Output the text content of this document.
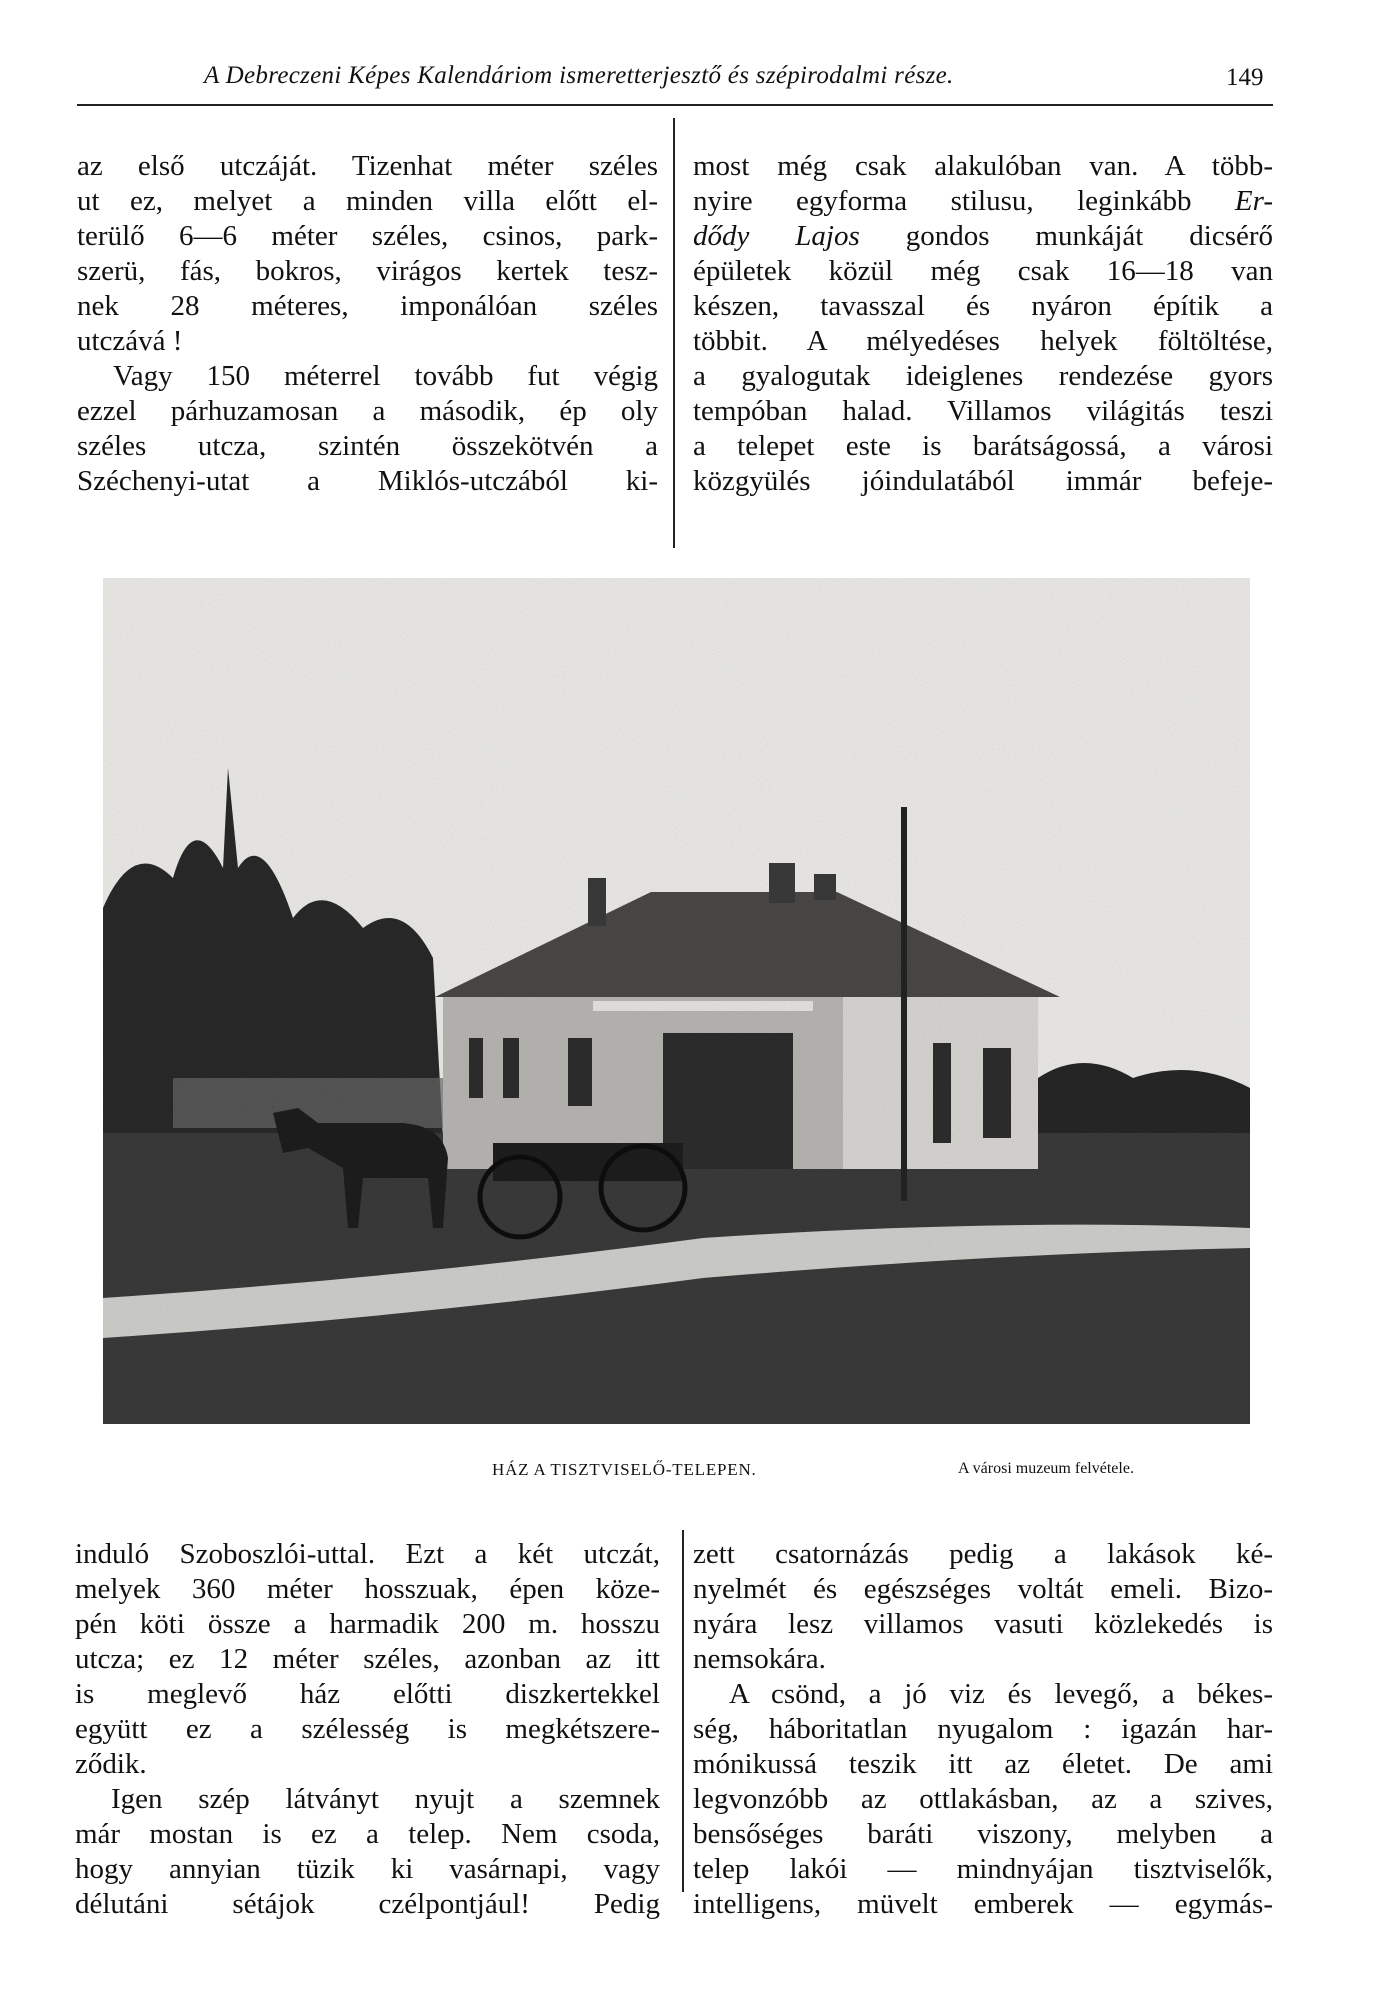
A Debreczeni Képes Kalendáriom ismeretterjesztő és szépirodalmi része.	149
az első utczáját. Tizenhat méter széles
ut ez, melyet a minden villa előtt el-
terülő 6—6 méter széles, csinos, park-
szerü, fás, bokros, virágos kertek tesz-
nek 28 méteres, imponálóan széles
utczává !
Vagy 150 méterrel tovább fut végig
ezzel párhuzamosan a második, ép oly
széles utcza, szintén összekötvén a
Széchenyi-utat a Miklós-utczából ki-
most még csak alakulóban van. A több-
nyire egyforma stilusu, leginkább Er-
dődy Lajos gondos munkáját dicsérő
épületek közül még csak 16—18 van
készen, tavasszal és nyáron építik a
többit. A mélyedéses helyek föltöltése,
a gyalogutak ideiglenes rendezése gyors
tempóban halad. Villamos világitás teszi
a telepet este is barátságossá, a városi
közgyülés jóindulatából immár befeje-
HÁZ A TISZTVISELŐ-TELEPEN.	A városi muzeum felvétele.
induló Szoboszlói-uttal. Ezt a két utczát,
melyek 360 méter hosszuak, épen köze-
pén köti össze a harmadik 200 m. hosszu
utcza; ez 12 méter széles, azonban az itt
is meglevő ház előtti diszkertekkel
együtt ez a szélesség is megkétszere-
ződik.
Igen szép látványt nyujt a szemnek
már mostan is ez a telep. Nem csoda,
hogy annyian tüzik ki vasárnapi, vagy
délutáni sétájok czélpontjául! Pedig
zett csatornázás pedig a lakások ké-
nyelmét és egészséges voltát emeli. Bizo-
nyára lesz villamos vasuti közlekedés is
nemsokára.
A csönd, a jó viz és levegő, a békes-
ség, háboritatlan nyugalom : igazán har-
mónikussá teszik itt az életet. De ami
legvonzóbb az ottlakásban, az a szives,
bensőséges baráti viszony, melyben a
telep lakói — mindnyájan tisztviselők,
intelligens, müvelt emberek — egymás-
